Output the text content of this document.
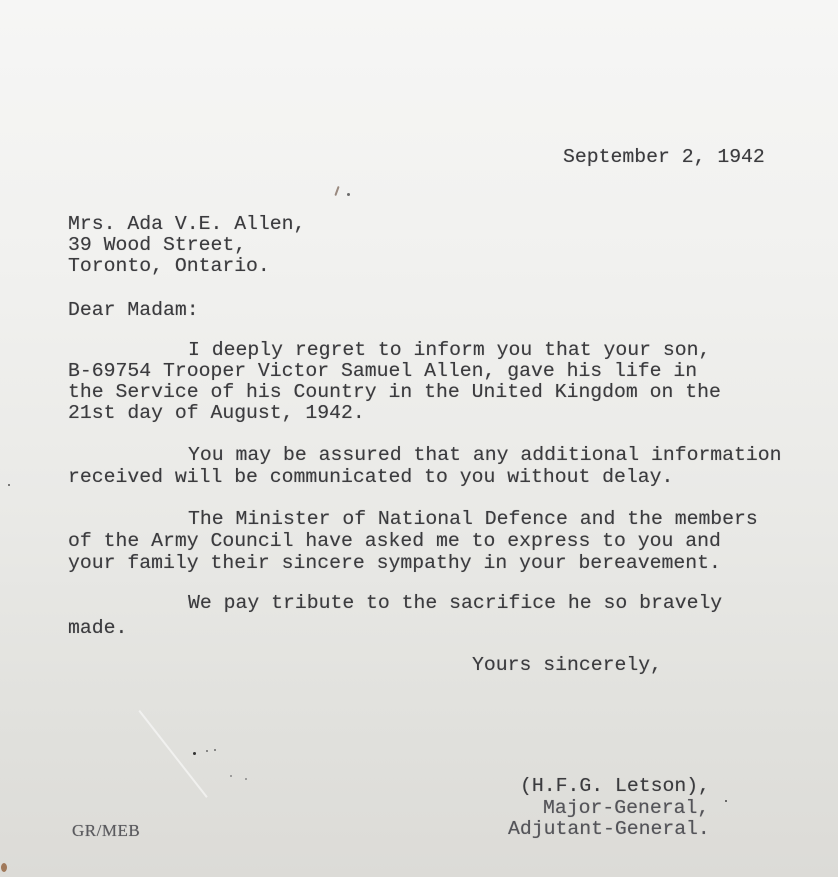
September 2, 1942
Mrs. Ada V.E. Allen,
39 Wood Street,
Toronto, Ontario.
Dear Madam:
I deeply regret to inform you that your son,
B-69754 Trooper Victor Samuel Allen, gave his life in
the Service of his Country in the United Kingdom on the
21st day of August, 1942.
You may be assured that any additional information
received will be communicated to you without delay.
The Minister of National Defence and the members
of the Army Council have asked me to express to you and
your family their sincere sympathy in your bereavement.
We pay tribute to the sacrifice he so bravely
made.
Yours sincerely,
(H.F.G. Letson),
Major-General,
Adjutant-General.
GR/MEB
